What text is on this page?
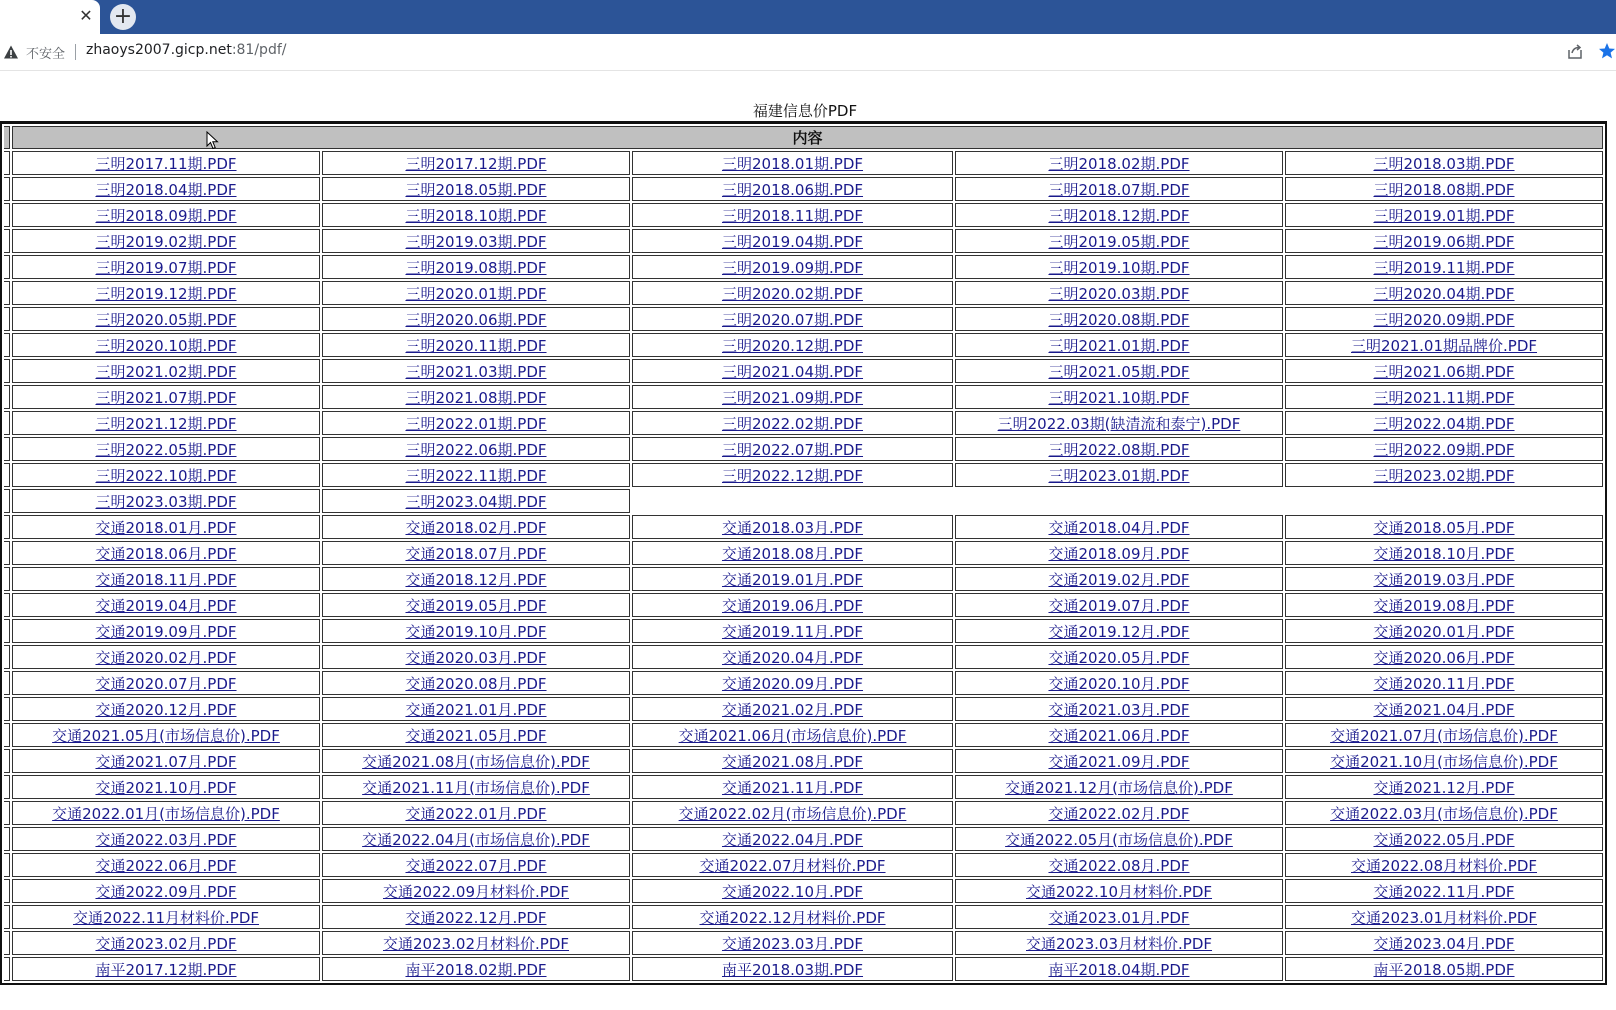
✕ +
不安全 zhaoys2007.gicp.net:81/pdf/
福建信息价PDF
	内容				
	三明2017.11期.PDF	三明2017.12期.PDF	三明2018.01期.PDF	三明2018.02期.PDF	三明2018.03期.PDF
	三明2018.04期.PDF	三明2018.05期.PDF	三明2018.06期.PDF	三明2018.07期.PDF	三明2018.08期.PDF
	三明2018.09期.PDF	三明2018.10期.PDF	三明2018.11期.PDF	三明2018.12期.PDF	三明2019.01期.PDF
	三明2019.02期.PDF	三明2019.03期.PDF	三明2019.04期.PDF	三明2019.05期.PDF	三明2019.06期.PDF
	三明2019.07期.PDF	三明2019.08期.PDF	三明2019.09期.PDF	三明2019.10期.PDF	三明2019.11期.PDF
	三明2019.12期.PDF	三明2020.01期.PDF	三明2020.02期.PDF	三明2020.03期.PDF	三明2020.04期.PDF
	三明2020.05期.PDF	三明2020.06期.PDF	三明2020.07期.PDF	三明2020.08期.PDF	三明2020.09期.PDF
	三明2020.10期.PDF	三明2020.11期.PDF	三明2020.12期.PDF	三明2021.01期.PDF	三明2021.01期品牌价.PDF
	三明2021.02期.PDF	三明2021.03期.PDF	三明2021.04期.PDF	三明2021.05期.PDF	三明2021.06期.PDF
	三明2021.07期.PDF	三明2021.08期.PDF	三明2021.09期.PDF	三明2021.10期.PDF	三明2021.11期.PDF
	三明2021.12期.PDF	三明2022.01期.PDF	三明2022.02期.PDF	三明2022.03期(缺清流和泰宁).PDF	三明2022.04期.PDF
	三明2022.05期.PDF	三明2022.06期.PDF	三明2022.07期.PDF	三明2022.08期.PDF	三明2022.09期.PDF
	三明2022.10期.PDF	三明2022.11期.PDF	三明2022.12期.PDF	三明2023.01期.PDF	三明2023.02期.PDF
	三明2023.03期.PDF	三明2023.04期.PDF			
	交通2018.01月.PDF	交通2018.02月.PDF	交通2018.03月.PDF	交通2018.04月.PDF	交通2018.05月.PDF
	交通2018.06月.PDF	交通2018.07月.PDF	交通2018.08月.PDF	交通2018.09月.PDF	交通2018.10月.PDF
	交通2018.11月.PDF	交通2018.12月.PDF	交通2019.01月.PDF	交通2019.02月.PDF	交通2019.03月.PDF
	交通2019.04月.PDF	交通2019.05月.PDF	交通2019.06月.PDF	交通2019.07月.PDF	交通2019.08月.PDF
	交通2019.09月.PDF	交通2019.10月.PDF	交通2019.11月.PDF	交通2019.12月.PDF	交通2020.01月.PDF
	交通2020.02月.PDF	交通2020.03月.PDF	交通2020.04月.PDF	交通2020.05月.PDF	交通2020.06月.PDF
	交通2020.07月.PDF	交通2020.08月.PDF	交通2020.09月.PDF	交通2020.10月.PDF	交通2020.11月.PDF
	交通2020.12月.PDF	交通2021.01月.PDF	交通2021.02月.PDF	交通2021.03月.PDF	交通2021.04月.PDF
	交通2021.05月(市场信息价).PDF	交通2021.05月.PDF	交通2021.06月(市场信息价).PDF	交通2021.06月.PDF	交通2021.07月(市场信息价).PDF
	交通2021.07月.PDF	交通2021.08月(市场信息价).PDF	交通2021.08月.PDF	交通2021.09月.PDF	交通2021.10月(市场信息价).PDF
	交通2021.10月.PDF	交通2021.11月(市场信息价).PDF	交通2021.11月.PDF	交通2021.12月(市场信息价).PDF	交通2021.12月.PDF
	交通2022.01月(市场信息价).PDF	交通2022.01月.PDF	交通2022.02月(市场信息价).PDF	交通2022.02月.PDF	交通2022.03月(市场信息价).PDF
	交通2022.03月.PDF	交通2022.04月(市场信息价).PDF	交通2022.04月.PDF	交通2022.05月(市场信息价).PDF	交通2022.05月.PDF
	交通2022.06月.PDF	交通2022.07月.PDF	交通2022.07月材料价.PDF	交通2022.08月.PDF	交通2022.08月材料价.PDF
	交通2022.09月.PDF	交通2022.09月材料价.PDF	交通2022.10月.PDF	交通2022.10月材料价.PDF	交通2022.11月.PDF
	交通2022.11月材料价.PDF	交通2022.12月.PDF	交通2022.12月材料价.PDF	交通2023.01月.PDF	交通2023.01月材料价.PDF
	交通2023.02月.PDF	交通2023.02月材料价.PDF	交通2023.03月.PDF	交通2023.03月材料价.PDF	交通2023.04月.PDF
	南平2017.12期.PDF	南平2018.02期.PDF	南平2018.03期.PDF	南平2018.04期.PDF	南平2018.05期.PDF
